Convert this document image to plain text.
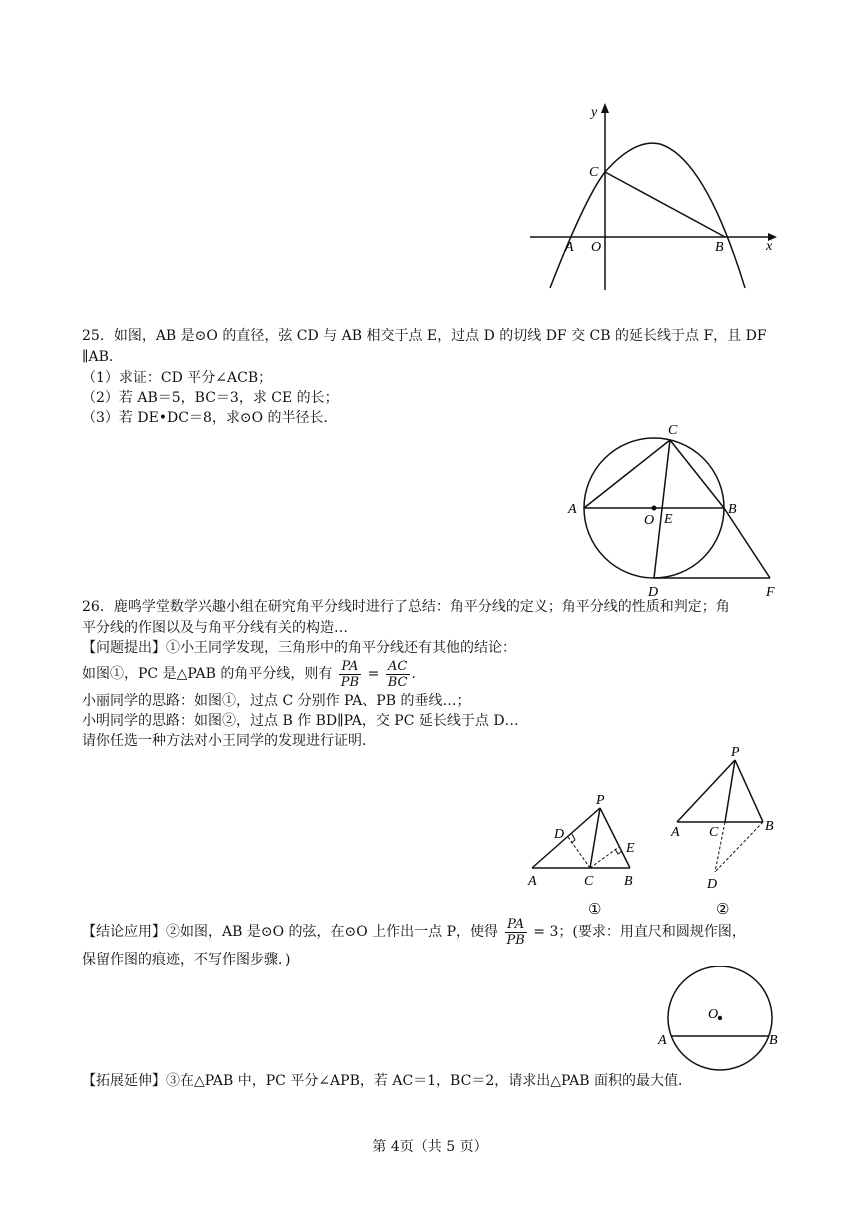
y
x
C
A O	B
25．如图，AB 是⊙O 的直径，弦 CD 与 AB 相交于点 E，过点 D 的切线 DF 交 CB 的延长线于点 F，且 DF
∥AB．
（1）求证：CD 平分∠ACB；
（2）若 AB＝5，BC＝3，求 CE 的长；
（3）若 DE•DC＝8，求⊙O 的半径长．
C
A
O E
B
D	F
26．鹿鸣学堂数学兴趣小组在研究角平分线时进行了总结：角平分线的定义；角平分线的性质和判定；角
平分线的作图以及与角平分线有关的构造…
【问题提出】①小王同学发现，三角形中的角平分线还有其他的结论：
如图①，PC 是△PAB 的角平分线，则有 $\frac{PA}{PB} = \frac{AC}{BC}$ .
小丽同学的思路：如图①，过点 C 分别作 PA、PB 的垂线…；
小明同学的思路：如图②，过点 B 作 BD∥PA，交 PC 延长线于点 D…
请你任选一种方法对小王同学的发现进行证明．
P
D
E
A	C B
①
P
A C	B
D
②
【结论应用】②如图，AB 是⊙O 的弦，在⊙O 上作出一点 P，使得 $\frac{PA}{PB} = 3$；(要求：用直尺和圆规作图，
保留作图的痕迹，不写作图步骤．)
O
A	B
【拓展延伸】③在△PAB 中，PC 平分∠APB，若 AC＝1，BC＝2，请求出△PAB 面积的最大值．
第 4页（共 5 页）
